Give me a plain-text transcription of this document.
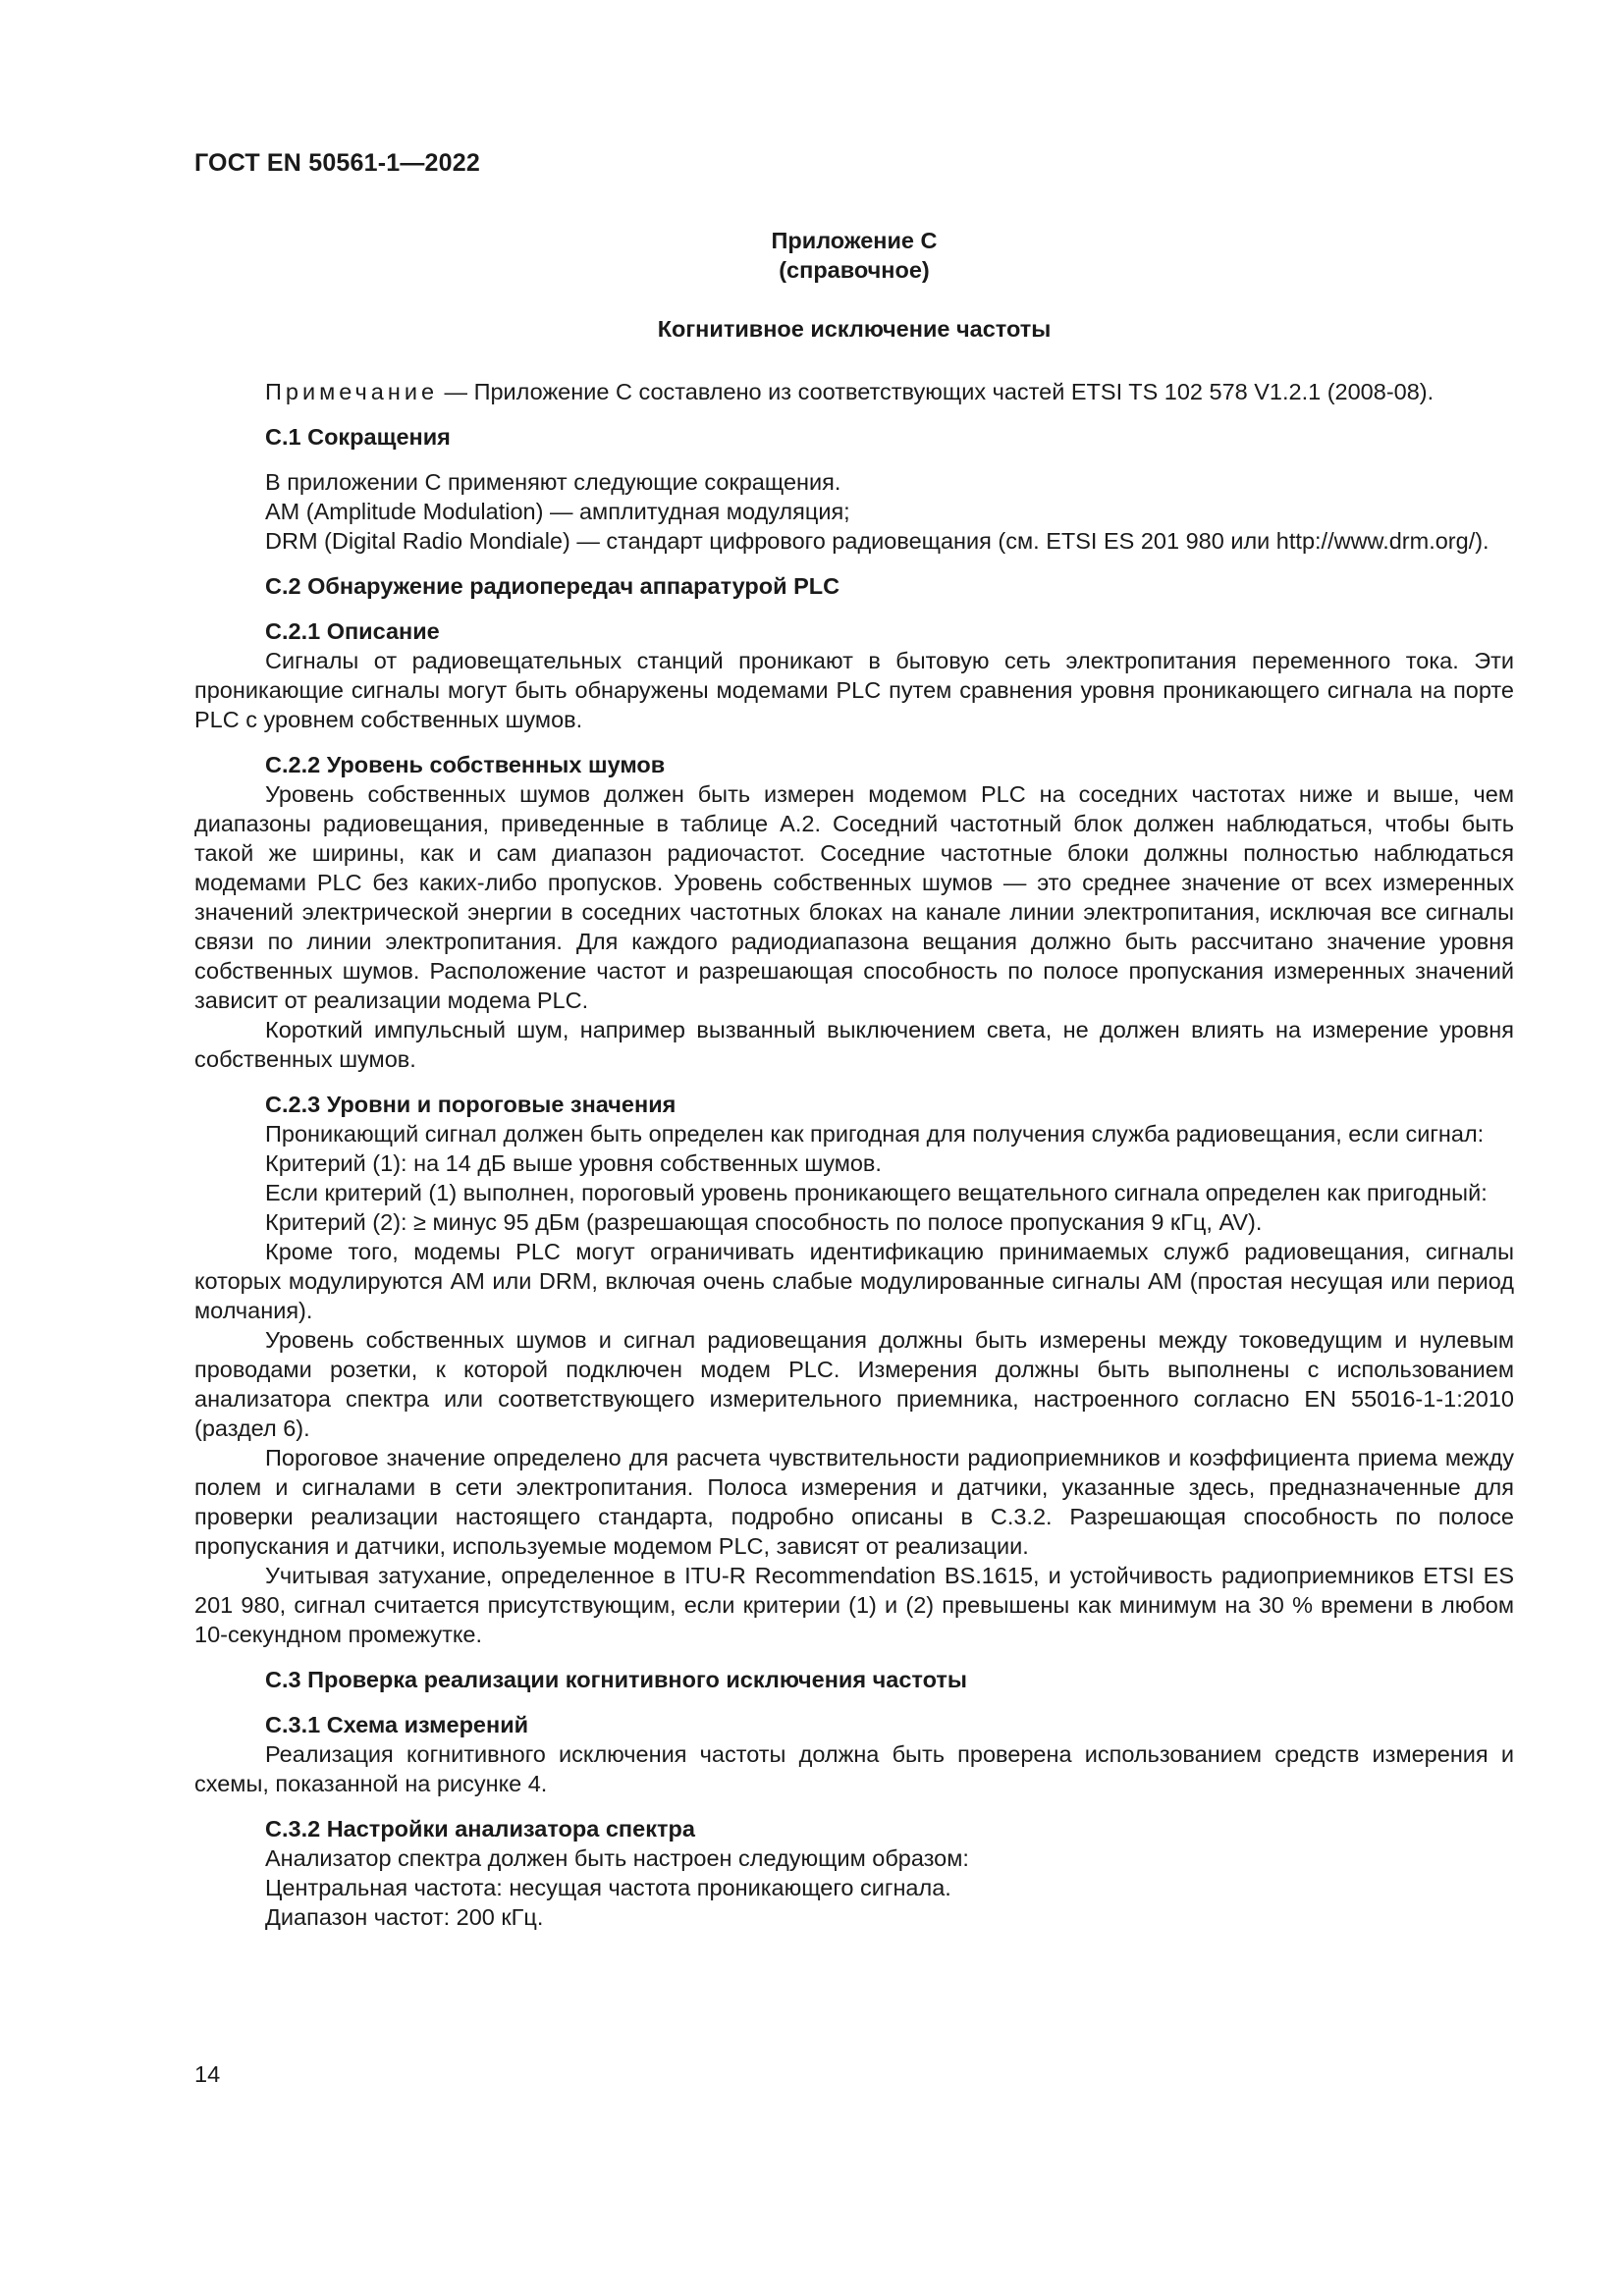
ГОСТ EN 50561-1—2022
Приложение С
(справочное)
Когнитивное исключение частоты

Примечание — Приложение С составлено из соответствующих частей ETSI TS 102 578 V1.2.1 (2008-08).

С.1 Сокращения

В приложении С применяют следующие сокращения.

AM (Amplitude Modulation) — амплитудная модуляция;

DRM (Digital Radio Mondiale) — стандарт цифрового радиовещания (см. ETSI ES 201 980 или http://www.drm.org/).

С.2 Обнаружение радиопередач аппаратурой PLC
С.2.1 Описание

Сигналы от радиовещательных станций проникают в бытовую сеть электропитания переменного тока. Эти проникающие сигналы могут быть обнаружены модемами PLC путем сравнения уровня проникающего сигнала на порте PLC с уровнем собственных шумов.

С.2.2 Уровень собственных шумов

Уровень собственных шумов должен быть измерен модемом PLC на соседних частотах ниже и выше, чем диапазоны радиовещания, приведенные в таблице А.2. Соседний частотный блок должен наблюдаться, чтобы быть такой же ширины, как и сам диапазон радиочастот. Соседние частотные блоки должны полностью наблюдаться модемами PLC без каких-либо пропусков. Уровень собственных шумов — это среднее значение от всех измеренных значений электрической энергии в соседних частотных блоках на канале линии электропитания, исключая все сигналы связи по линии электропитания. Для каждого радиодиапазона вещания должно быть рассчитано значение уровня собственных шумов. Расположение частот и разрешающая способность по полосе пропускания измеренных значений зависит от реализации модема PLC.

Короткий импульсный шум, например вызванный выключением света, не должен влиять на измерение уровня собственных шумов.

С.2.3 Уровни и пороговые значения

Проникающий сигнал должен быть определен как пригодная для получения служба радиовещания, если сигнал:

Критерий (1): на 14 дБ выше уровня собственных шумов.

Если критерий (1) выполнен, пороговый уровень проникающего вещательного сигнала определен как пригодный:

Критерий (2): ≥ минус 95 дБм (разрешающая способность по полосе пропускания 9 кГц, AV).

Кроме того, модемы PLC могут ограничивать идентификацию принимаемых служб радиовещания, сигналы которых модулируются AM или DRM, включая очень слабые модулированные сигналы AM (простая несущая или период молчания).

Уровень собственных шумов и сигнал радиовещания должны быть измерены между токоведущим и нулевым проводами розетки, к которой подключен модем PLC. Измерения должны быть выполнены с использованием анализатора спектра или соответствующего измерительного приемника, настроенного согласно EN 55016-1-1:2010 (раздел 6).

Пороговое значение определено для расчета чувствительности радиоприемников и коэффициента приема между полем и сигналами в сети электропитания. Полоса измерения и датчики, указанные здесь, предназначенные для проверки реализации настоящего стандарта, подробно описаны в С.3.2. Разрешающая способность по полосе пропускания и датчики, используемые модемом PLC, зависят от реализации.

Учитывая затухание, определенное в ITU-R Recommendation BS.1615, и устойчивость радиоприемников ETSI ES 201 980, сигнал считается присутствующим, если критерии (1) и (2) превышены как минимум на 30 % времени в любом 10-секундном промежутке.

С.3 Проверка реализации когнитивного исключения частоты
С.3.1 Схема измерений

Реализация когнитивного исключения частоты должна быть проверена использованием средств измерения и схемы, показанной на рисунке 4.

С.3.2 Настройки анализатора спектра

Анализатор спектра должен быть настроен следующим образом:

Центральная частота: несущая частота проникающего сигнала.

Диапазон частот: 200 кГц.

14
